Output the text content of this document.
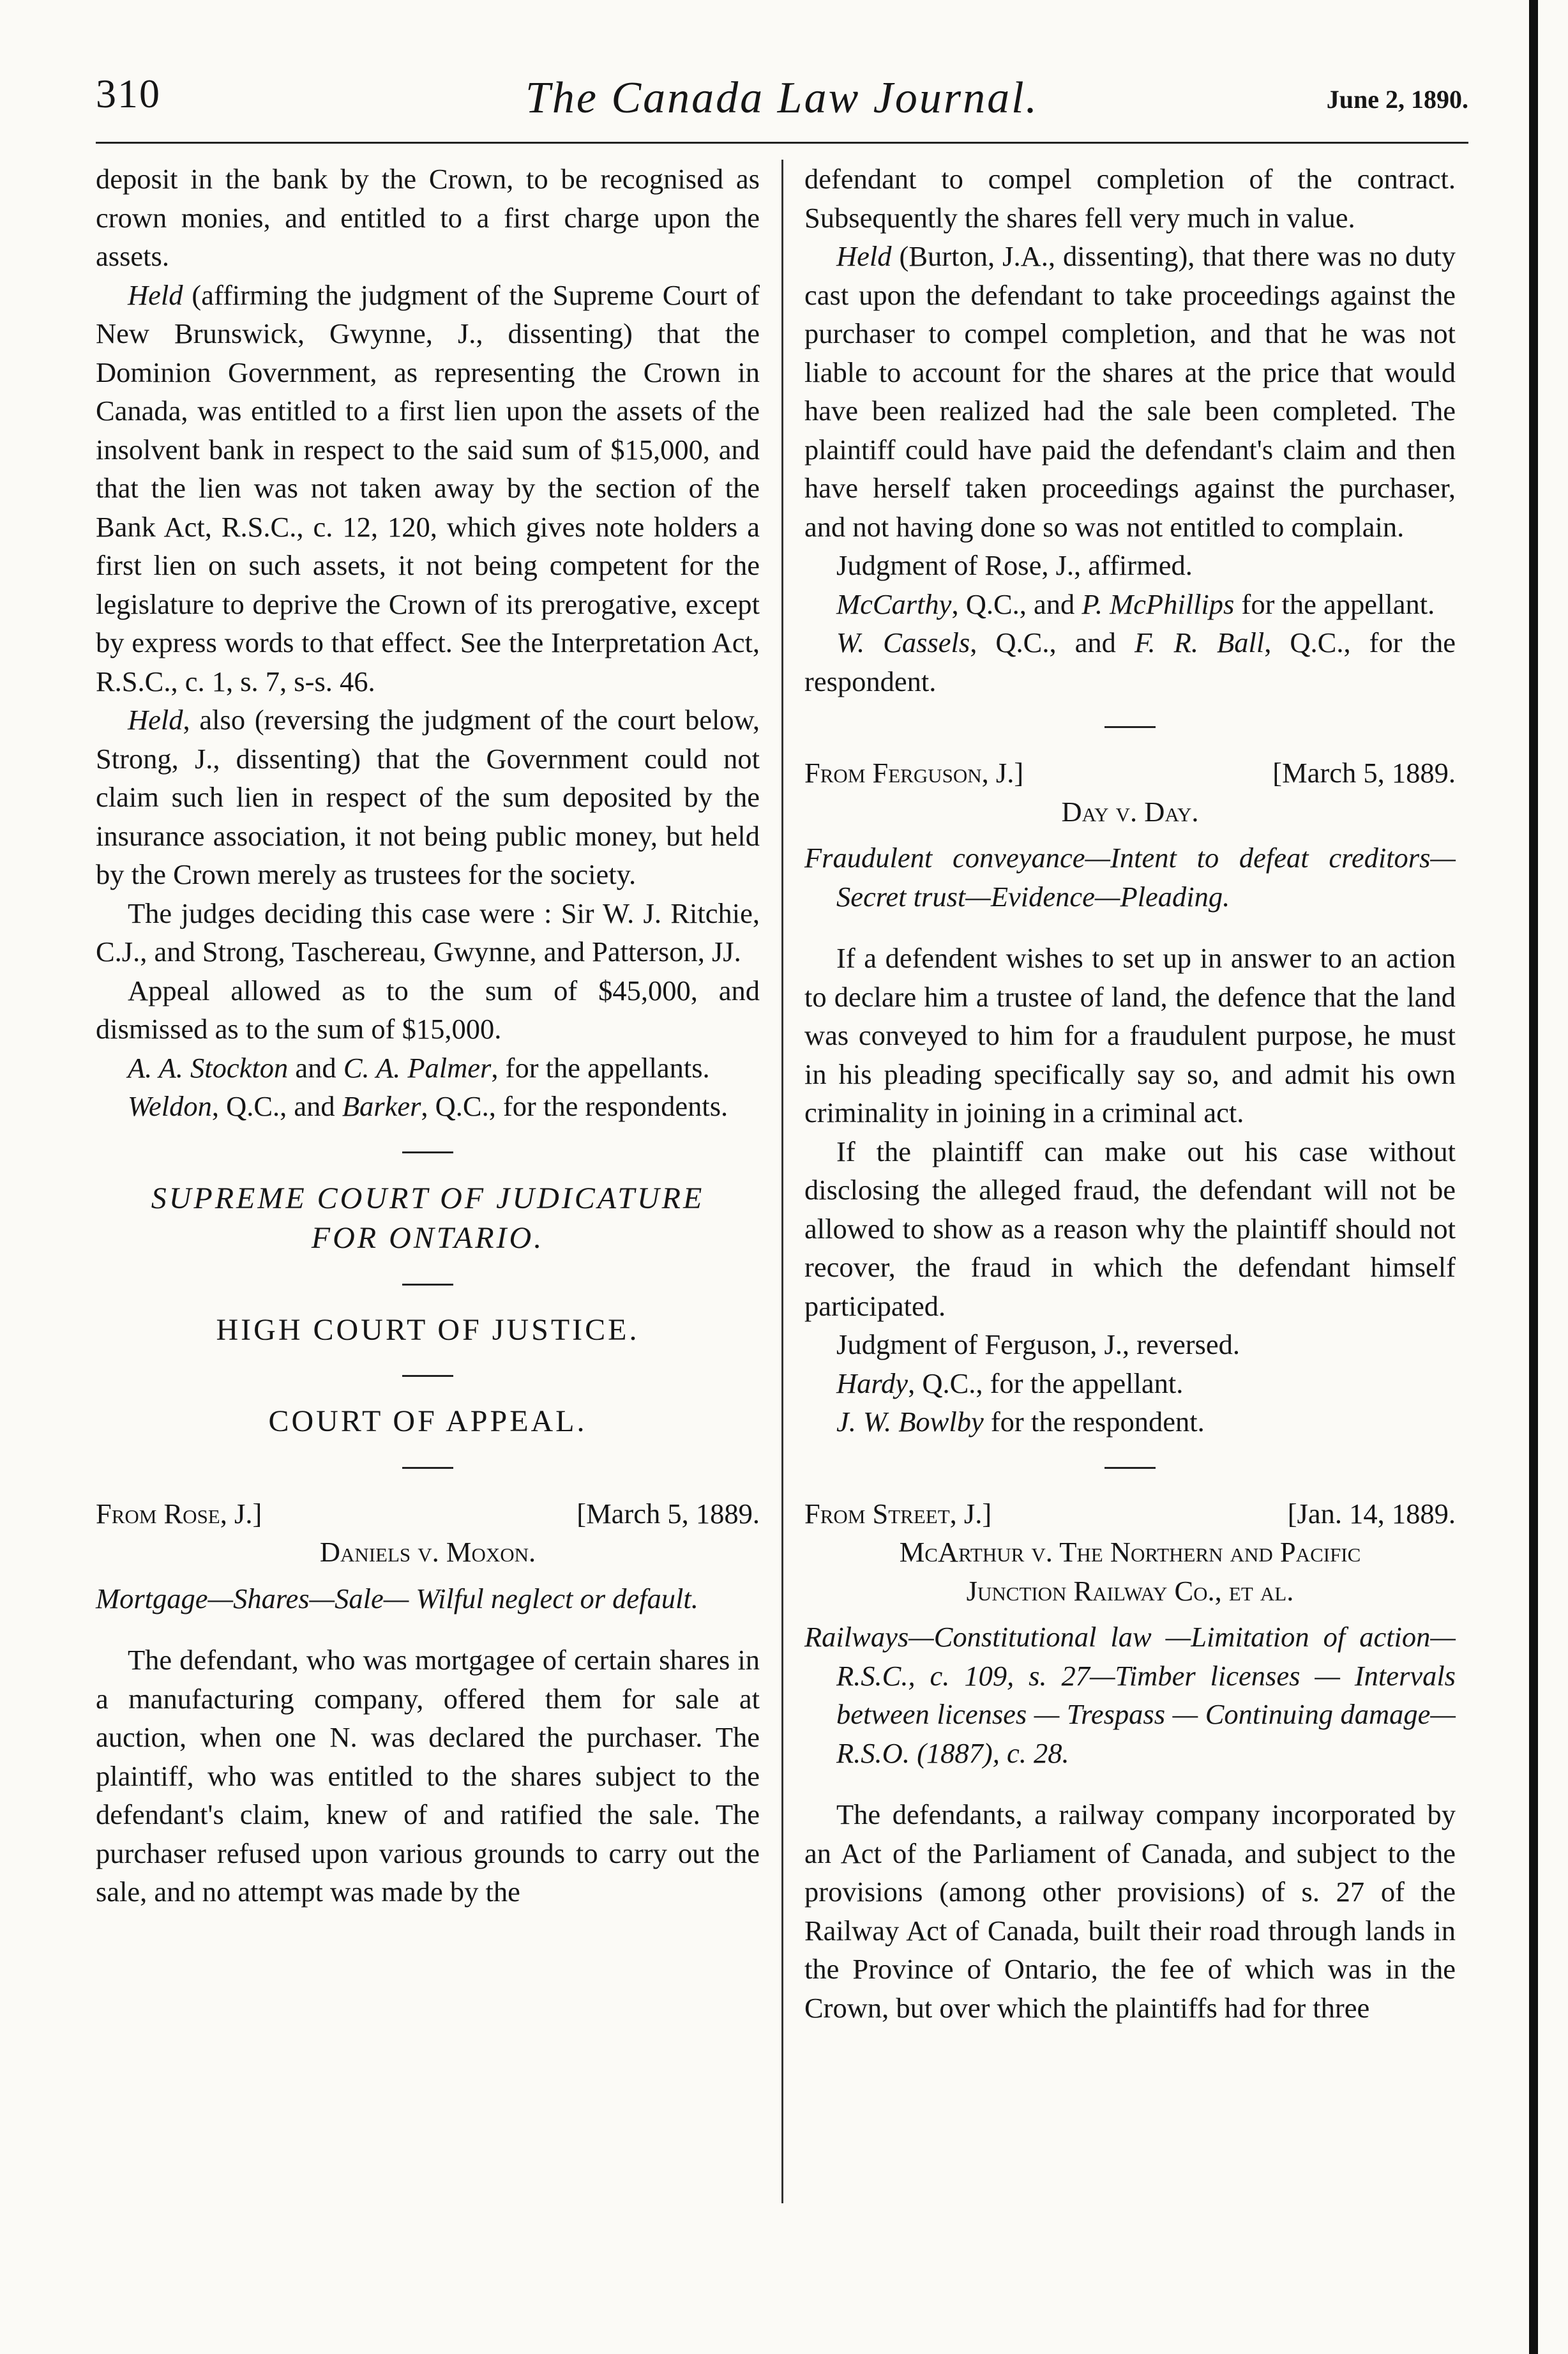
310	The Canada Law Journal.	June 2, 1890.

deposit in the bank by the Crown, to be recognised as crown monies, and entitled to a first charge upon the assets.

Held (affirming the judgment of the Supreme Court of New Brunswick, Gwynne, J., dissenting) that the Dominion Government, as representing the Crown in Canada, was entitled to a first lien upon the assets of the insolvent bank in respect to the said sum of $15,000, and that the lien was not taken away by the section of the Bank Act, R.S.C., c. 12, 120, which gives note holders a first lien on such assets, it not being competent for the legislature to deprive the Crown of its prerogative, except by express words to that effect. See the Interpretation Act, R.S.C., c. 1, s. 7, s-s. 46.

Held, also (reversing the judgment of the court below, Strong, J., dissenting) that the Government could not claim such lien in respect of the sum deposited by the insurance association, it not being public money, but held by the Crown merely as trustees for the society.

The judges deciding this case were : Sir W. J. Ritchie, C.J., and Strong, Taschereau, Gwynne, and Patterson, JJ.

Appeal allowed as to the sum of $45,000, and dismissed as to the sum of $15,000.

A. A. Stockton and C. A. Palmer, for the appellants.

Weldon, Q.C., and Barker, Q.C., for the respondents.

SUPREME COURT OF JUDICATURE
FOR ONTARIO.
HIGH COURT OF JUSTICE.
COURT OF APPEAL.
From Rose, J.]	[March 5, 1889.
Daniels v. Moxon.

Mortgage—Shares—Sale— Wilful neglect or default.

The defendant, who was mortgagee of certain shares in a manufacturing company, offered them for sale at auction, when one N. was declared the purchaser. The plaintiff, who was entitled to the shares subject to the defendant's claim, knew of and ratified the sale. The purchaser refused upon various grounds to carry out the sale, and no attempt was made by the

defendant to compel completion of the contract. Subsequently the shares fell very much in value.

Held (Burton, J.A., dissenting), that there was no duty cast upon the defendant to take proceedings against the purchaser to compel completion, and that he was not liable to account for the shares at the price that would have been realized had the sale been completed. The plaintiff could have paid the defendant's claim and then have herself taken proceedings against the purchaser, and not having done so was not entitled to complain.

Judgment of Rose, J., affirmed.

McCarthy, Q.C., and P. McPhillips for the appellant.

W. Cassels, Q.C., and F. R. Ball, Q.C., for the respondent.

From Ferguson, J.]	[March 5, 1889.
Day v. Day.

Fraudulent conveyance—Intent to defeat creditors—Secret trust—Evidence—Pleading.

If a defendent wishes to set up in answer to an action to declare him a trustee of land, the defence that the land was conveyed to him for a fraudulent purpose, he must in his pleading specifically say so, and admit his own criminality in joining in a criminal act.

If the plaintiff can make out his case without disclosing the alleged fraud, the defendant will not be allowed to show as a reason why the plaintiff should not recover, the fraud in which the defendant himself participated.

Judgment of Ferguson, J., reversed.

Hardy, Q.C., for the appellant.

J. W. Bowlby for the respondent.

From Street, J.]	[Jan. 14, 1889.
McArthur v. The Northern and Pacific
Junction Railway Co., et al.

Railways—Constitutional law —Limitation of action—R.S.C., c. 109, s. 27—Timber licenses — Intervals between licenses — Trespass — Continuing damage—R.S.O. (1887), c. 28.

The defendants, a railway company incorporated by an Act of the Parliament of Canada, and subject to the provisions (among other provisions) of s. 27 of the Railway Act of Canada, built their road through lands in the Province of Ontario, the fee of which was in the Crown, but over which the plaintiffs had for three
